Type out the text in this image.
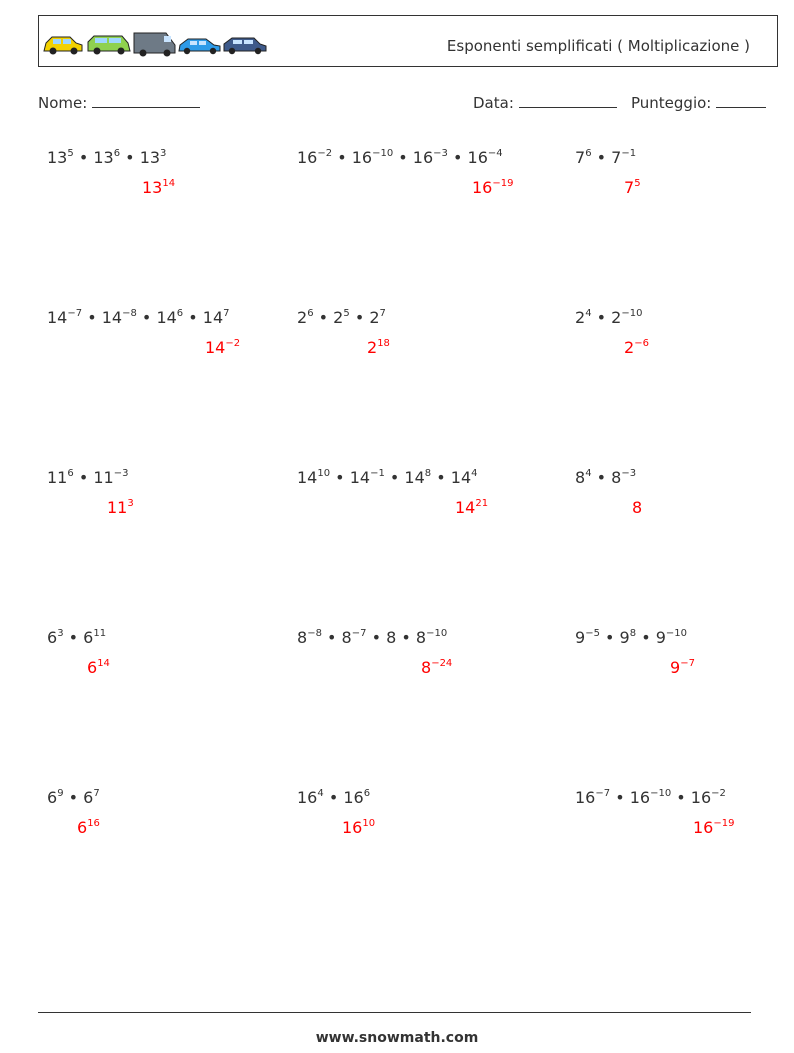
Esponenti semplificati ( Moltiplicazione )
Nome:	Data:	Punteggio:
$13^5$ • $13^6$ • $13^3$
$13^{14}$
$16^{-2}$ • $16^{-10}$ • $16^{-3}$ • $16^{-4}$
$16^{-19}$
$7^6$ • $7^{-1}$
$7^5$
$14^{-7}$ • $14^{-8}$ • $14^6$ • $14^7$
$14^{-2}$
$2^6$ • $2^5$ • $2^7$
$2^{18}$
$2^4$ • $2^{-10}$
$2^{-6}$
$11^6$ • $11^{-3}$
$11^3$
$14^{10}$ • $14^{-1}$ • $14^8$ • $14^4$
$14^{21}$
$8^4$ • $8^{-3}$
8
$6^3$ • $6^{11}$
$6^{14}$
$8^{-8}$ • $8^{-7}$ • 8 • $8^{-10}$
$8^{-24}$
$9^{-5}$ • $9^8$ • $9^{-10}$
$9^{-7}$
$6^9$ • $6^7$
$6^{16}$
$16^4$ • $16^6$
$16^{10}$
$16^{-7}$ • $16^{-10}$ • $16^{-2}$
$16^{-19}$
www.snowmath.com
